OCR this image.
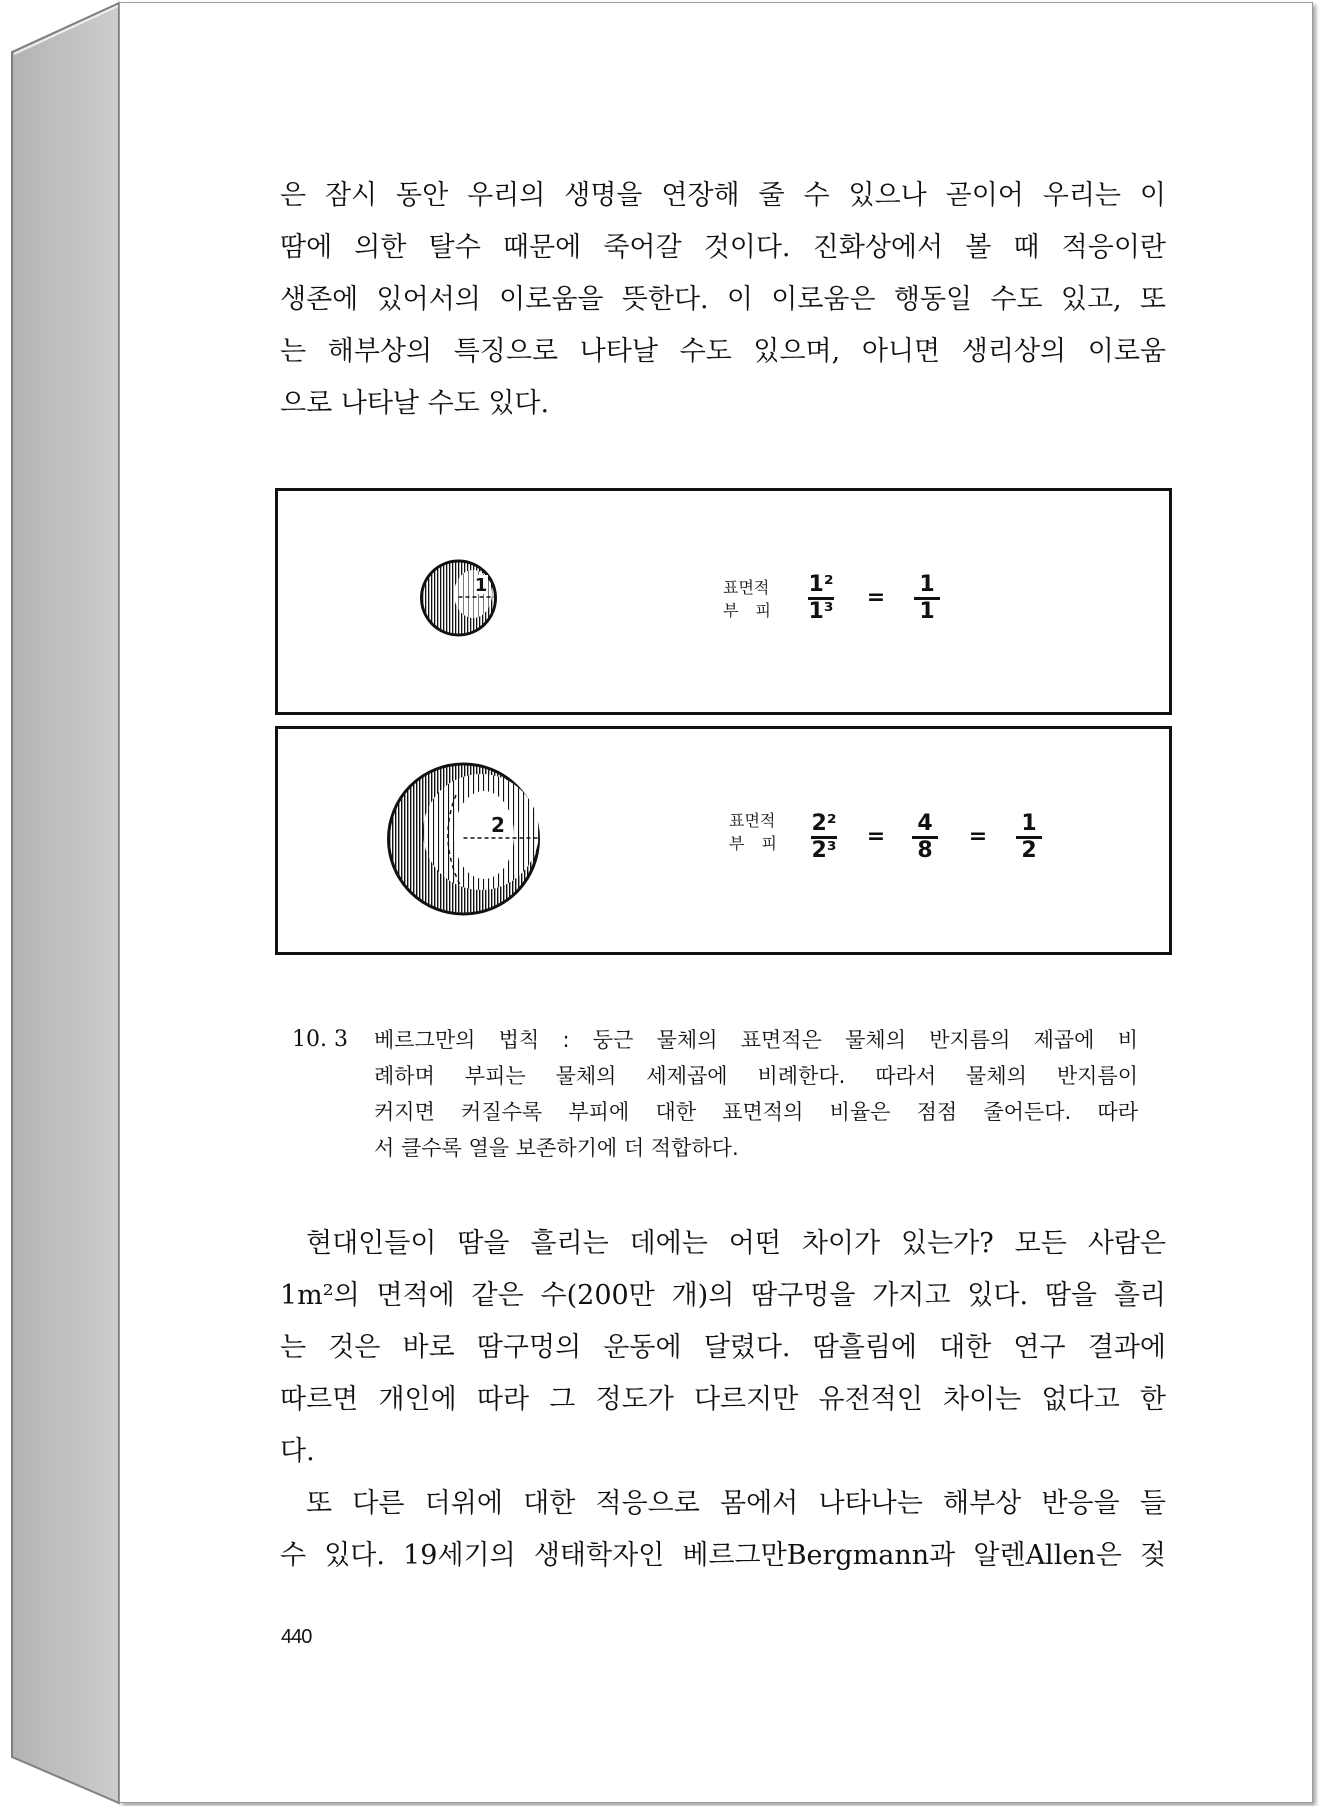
은 잠시 동안 우리의 생명을 연장해 줄 수 있으나 곧이어 우리는 이
땀에 의한 탈수 때문에 죽어갈 것이다. 진화상에서 볼 때 적응이란
생존에 있어서의 이로움을 뜻한다. 이 이로움은 행동일 수도 있고, 또
는 해부상의 특징으로 나타날 수도 있으며, 아니면 생리상의 이로움
으로 나타날 수도 있다.
1	표면적
부 피
1²
1³
=
1
1
2	표면적
부 피
2²
2³
=
4
8
=
1
2
10. 3 베르그만의 법칙 : 둥근 물체의 표면적은 물체의 반지름의 제곱에 비
례하며 부피는 물체의 세제곱에 비례한다. 따라서 물체의 반지름이
커지면 커질수록 부피에 대한 표면적의 비율은 점점 줄어든다. 따라
서 클수록 열을 보존하기에 더 적합하다.
현대인들이 땀을 흘리는 데에는 어떤 차이가 있는가? 모든 사람은
1m²의 면적에 같은 수(200만 개)의 땀구멍을 가지고 있다. 땀을 흘리
는 것은 바로 땀구멍의 운동에 달렸다. 땀흘림에 대한 연구 결과에
따르면 개인에 따라 그 정도가 다르지만 유전적인 차이는 없다고 한
다.
또 다른 더위에 대한 적응으로 몸에서 나타나는 해부상 반응을 들
수 있다. 19세기의 생태학자인 베르그만Bergmann과 알렌Allen은 젖
440
